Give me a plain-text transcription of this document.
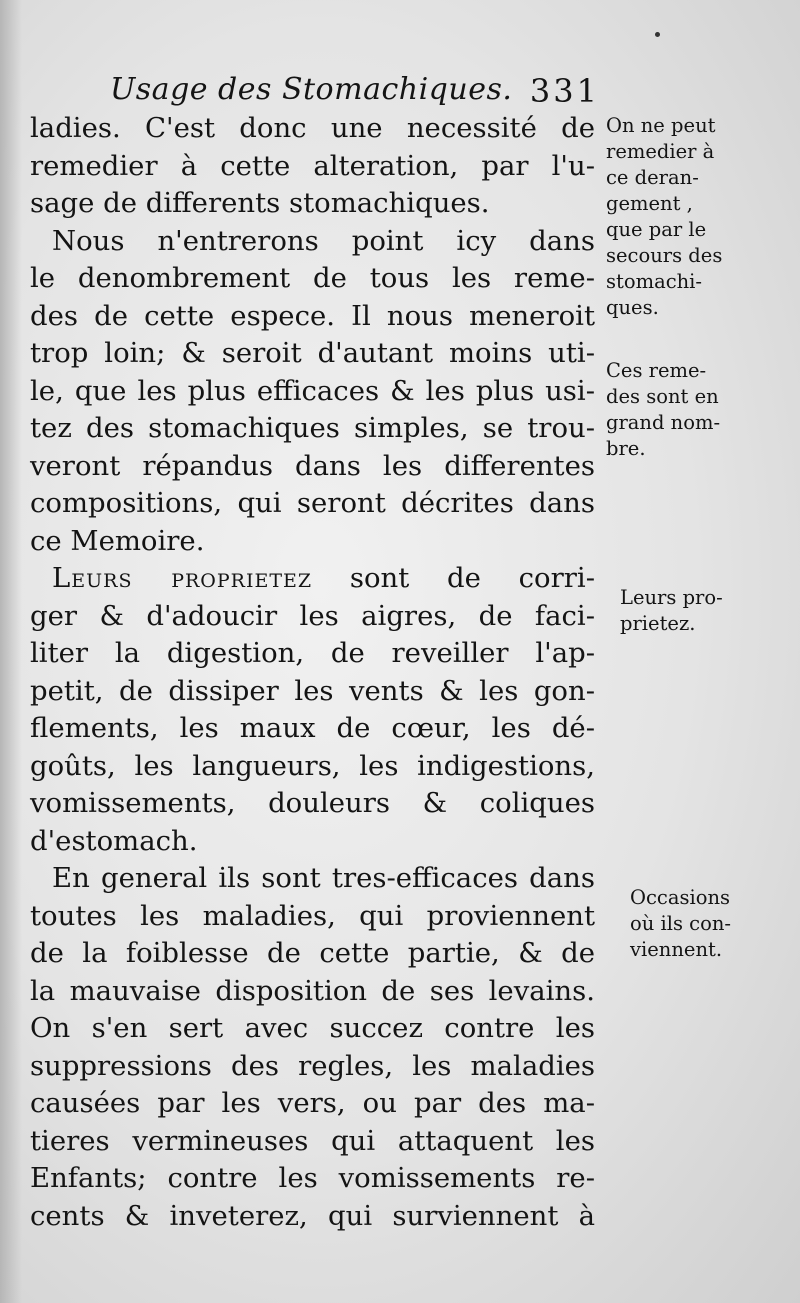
Usage des Stomachiques. 331
ladies. C'est donc une necessité de
remedier à cette alteration, par l'u-
sage de differents stomachiques.
Nous n'entrerons point icy dans
le denombrement de tous les reme-
des de cette espece. Il nous meneroit
trop loin; & seroit d'autant moins uti-
le, que les plus efficaces & les plus usi-
tez des stomachiques simples, se trou-
veront répandus dans les differentes
compositions, qui seront décrites dans
ce Memoire.
Leurs proprietez sont de corri-
ger & d'adoucir les aigres, de faci-
liter la digestion, de reveiller l'ap-
petit, de dissiper les vents & les gon-
flements, les maux de cœur, les dé-
goûts, les langueurs, les indigestions,
vomissements, douleurs & coliques
d'estomach.
En general ils sont tres-efficaces dans
toutes les maladies, qui proviennent
de la foiblesse de cette partie, & de
la mauvaise disposition de ses levains.
On s'en sert avec succez contre les
suppressions des regles, les maladies
causées par les vers, ou par des ma-
tieres vermineuses qui attaquent les
Enfants; contre les vomissements re-
cents & inveterez, qui surviennent à
On ne peut
remedier à
ce deran-
gement ,
que par le
secours des
stomachi-
ques.
Ces reme-
des sont en
grand nom-
bre.
Leurs pro-
prietez.
Occasions
où ils con-
viennent.
